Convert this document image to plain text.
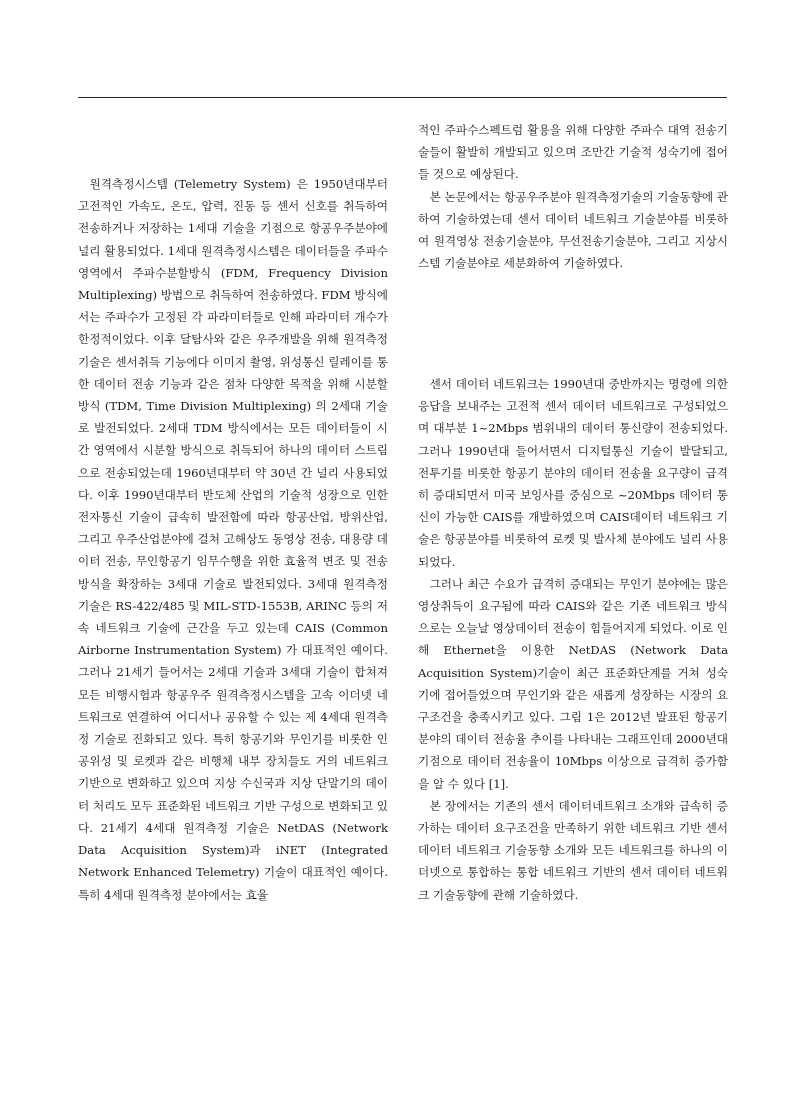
원격측정시스템 (Telemetry System) 은 1950년대부터 고전적인 가속도, 온도, 압력, 진동 등 센서 신호를 취득하여 전송하거나 저장하는 1세대 기술을 기점으로 항공우주분야에 널리 활용되었다. 1세대 원격측정시스템은 데이터들을 주파수 영역에서 주파수분할방식 (FDM, Frequency Division Multiplexing) 방법으로 취득하여 전송하였다. FDM 방식에서는 주파수가 고정된 각 파라미터들로 인해 파라미터 개수가 한정적이었다. 이후 달탐사와 같은 우주개발을 위해 원격측정기술은 센서취득 기능에다 이미지 촬영, 위성통신 릴레이를 통한 데이터 전송 기능과 같은 점차 다양한 목적을 위해 시분할 방식 (TDM, Time Division Multiplexing) 의 2세대 기술로 발전되었다. 2세대 TDM 방식에서는 모든 데이터들이 시간 영역에서 시분할 방식으로 취득되어 하나의 데이터 스트림으로 전송되었는데 1960년대부터 약 30년 간 널리 사용되었다. 이후 1990년대부터 반도체 산업의 기술적 성장으로 인한 전자통신 기술이 급속히 발전함에 따라 항공산업, 방위산업, 그리고 우주산업분야에 걸쳐 고해상도 동영상 전송, 대용량 데이터 전송, 무인항공기 임무수행을 위한 효율적 변조 및 전송방식을 확장하는 3세대 기술로 발전되었다. 3세대 원격측정 기술은 RS-422/485 및 MIL-STD-1553B, ARINC 등의 저속 네트워크 기술에 근간을 두고 있는데 CAIS (Common Airborne Instrumentation System) 가 대표적인 예이다. 그러나 21세기 들어서는 2세대 기술과 3세대 기술이 합쳐져 모든 비행시험과 항공우주 원격측정시스템을 고속 이더넷 네트워크로 연결하여 어디서나 공유할 수 있는 제 4세대 원격측정 기술로 진화되고 있다. 특히 항공기와 무인기를 비롯한 인공위성 및 로켓과 같은 비행체 내부 장치들도 거의 네트워크 기반으로 변화하고 있으며 지상 수신국과 지상 단말기의 데이터 처리도 모두 표준화된 네트워크 기반 구성으로 변화되고 있다. 21세기 4세대 원격측정 기술은 NetDAS (Network Data Acquisition System)과 iNET (Integrated Network Enhanced Telemetry) 기술이 대표적인 예이다. 특히 4세대 원격측정 분야에서는 효율

적인 주파수스펙트럼 활용을 위해 다양한 주파수 대역 전송기술들이 활발히 개발되고 있으며 조만간 기술적 성숙기에 접어 들 것으로 예상된다.

본 논문에서는 항공우주분야 원격측정기술의 기술동향에 관하여 기술하였는데 센서 데이터 네트워크 기술분야를 비롯하여 원격영상 전송기술분야, 무선전송기술분야, 그리고 지상시스템 기술분야로 세분화하여 기술하였다.

센서 데이터 네트워크는 1990년대 중반까지는 명령에 의한 응답을 보내주는 고전적 센서 데이터 네트워크로 구성되었으며 대부분 1~2Mbps 범위내의 데이터 통신량이 전송되었다. 그러나 1990년대 들어서면서 디지털통신 기술이 발달되고, 전투기를 비롯한 항공기 분야의 데이터 전송율 요구량이 급격히 증대되면서 미국 보잉사를 중심으로 ~20Mbps 데이터 통신이 가능한 CAIS를 개발하였으며 CAIS데이터 네트워크 기술은 항공분야를 비롯하여 로켓 및 발사체 분야에도 널리 사용되었다.

그러나 최근 수요가 급격히 증대되는 무인기 분야에는 많은 영상취득이 요구됨에 따라 CAIS와 같은 기존 네트워크 방식으로는 오늘날 영상데이터 전송이 힘들어지게 되었다. 이로 인해 Ethernet을 이용한 NetDAS (Network Data Acquisition System)기술이 최근 표준화단계를 거쳐 성숙기에 접어들었으며 무인기와 같은 새롭게 성장하는 시장의 요구조건을 충족시키고 있다. 그림 1은 2012년 발표된 항공기 분야의 데이터 전송율 추이를 나타내는 그래프인데 2000년대 기점으로 데이터 전송율이 10Mbps 이상으로 급격히 증가함을 알 수 있다 [1].

본 장에서는 기존의 센서 데이터네트워크 소개와 급속히 증가하는 데이터 요구조건을 만족하기 위한 네트워크 기반 센서 데이터 네트워크 기술동향 소개와 모든 네트워크를 하나의 이더넷으로 통합하는 통합 네트워크 기반의 센서 데이터 네트워크 기술동향에 관해 기술하였다.
